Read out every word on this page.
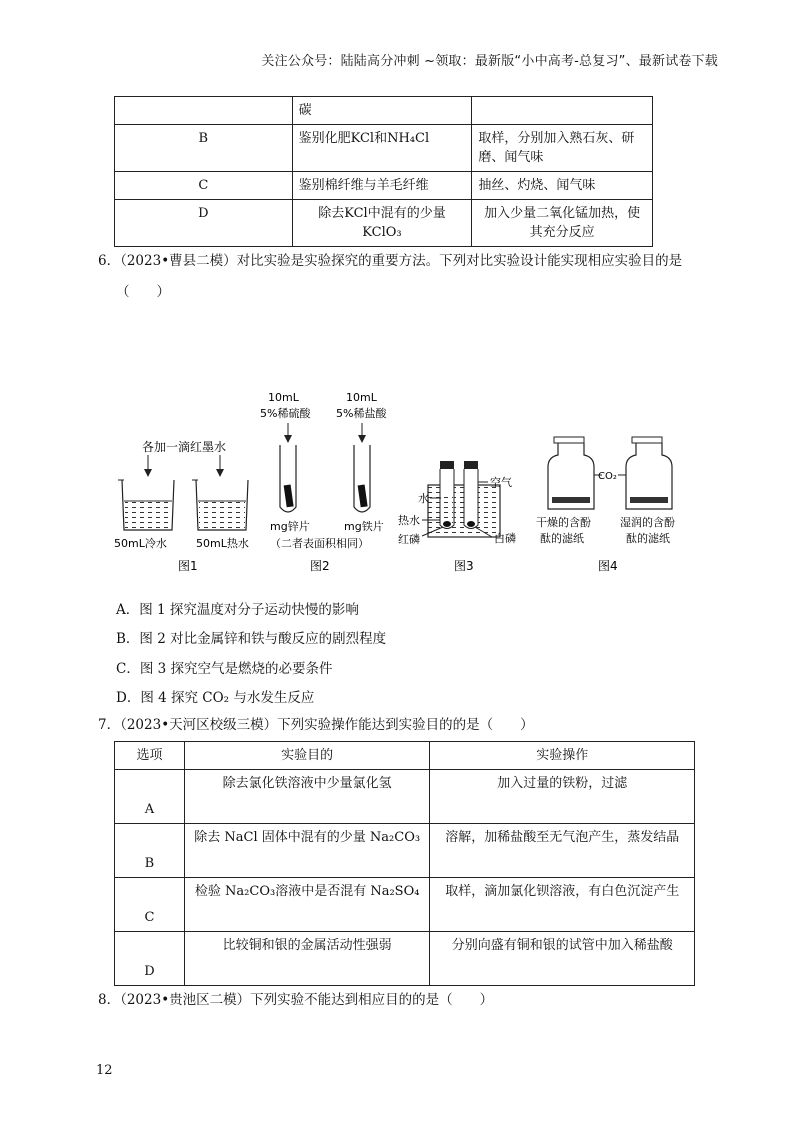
关注公众号：陆陆高分冲刺 ~领取：最新版“小中高考-总复习”、最新试卷下载
	碳	
B	鉴别化肥KCl和NH₄Cl	取样，分别加入熟石灰、研磨、闻气味
C	鉴别棉纤维与羊毛纤维	抽丝、灼烧、闻气味
D	除去KCl中混有的少量KClO₃	加入少量二氧化锰加热，使其充分反应
6．（2023•曹县二模）对比实验是实验探究的重要方法。下列对比实验设计能实现相应实验目的是
（　　）
各加一滴红墨水
50mL冷水	50mL热水
图1
10mL
5%稀硫酸
10mL
5%稀盐酸
mg锌片	mg铁片
（二者表面积相同）
图2
空气
水
热水
红磷	白磷
图3
CO₂
干燥的含酚
酞的滤纸
湿润的含酚
酞的滤纸
图4
A．图 1 探究温度对分子运动快慢的影响
B．图 2 对比金属锌和铁与酸反应的剧烈程度
C．图 3 探究空气是燃烧的必要条件
D．图 4 探究 CO₂ 与水发生反应
7．（2023•天河区校级三模）下列实验操作能达到实验目的的是（　　）
选项	实验目的	实验操作
A	除去氯化铁溶液中少量氯化氢	加入过量的铁粉，过滤
B	除去 NaCl 固体中混有的少量 Na₂CO₃	溶解，加稀盐酸至无气泡产生，蒸发结晶
C	检验 Na₂CO₃溶液中是否混有 Na₂SO₄	取样，滴加氯化钡溶液，有白色沉淀产生
D	比较铜和银的金属活动性强弱	分别向盛有铜和银的试管中加入稀盐酸
8．（2023•贵池区二模）下列实验不能达到相应目的的是（　　）
12
